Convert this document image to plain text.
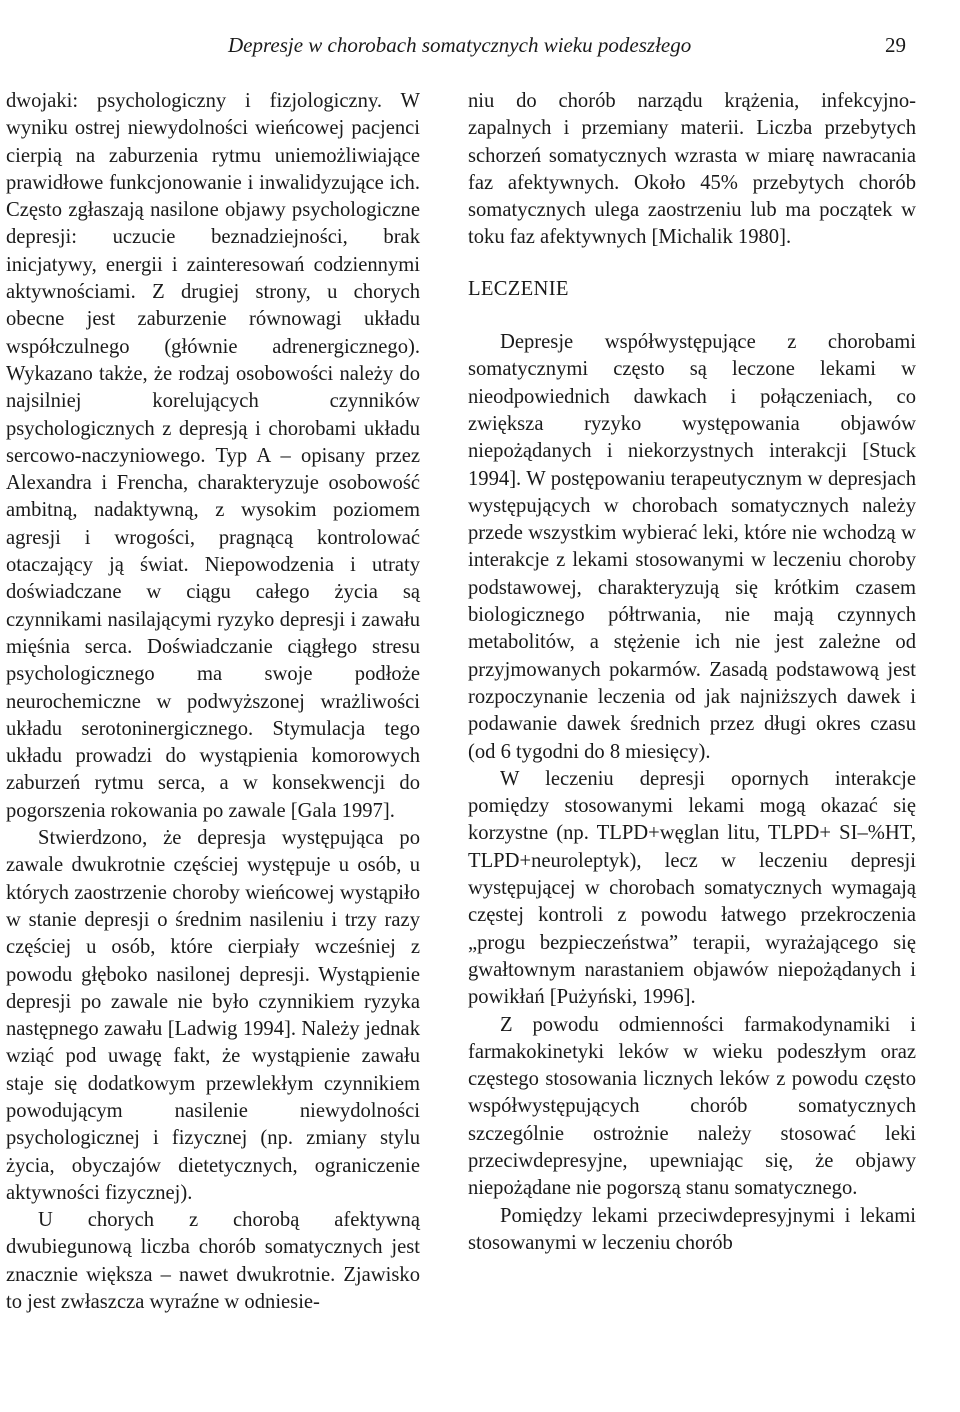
Depresje w chorobach somatycznych wieku podeszłego	29

dwojaki: psychologiczny i fizjologiczny. W wyniku ostrej niewydolności wieńcowej pacjenci cierpią na zaburzenia rytmu uniemożliwiające prawidłowe funkcjonowanie i inwalidyzujące ich. Często zgłaszają nasilone objawy psychologiczne depresji: uczucie beznadziejności, brak inicjatywy, energii i zainteresowań codziennymi aktywnościami. Z drugiej strony, u chorych obecne jest zaburzenie równowagi układu współczulnego (głównie adrenergicznego). Wykazano także, że rodzaj osobowości należy do najsilniej korelujących czynników psychologicznych z depresją i chorobami układu sercowo-naczyniowego. Typ A – opisany przez Alexandra i Frencha, charakteryzuje osobowość ambitną, nadaktywną, z wysokim poziomem agresji i wrogości, pragnącą kontrolować otaczający ją świat. Niepowodzenia i utraty doświadczane w ciągu całego życia są czynnikami nasilającymi ryzyko depresji i zawału mięśnia serca. Doświadczanie ciągłego stresu psychologicznego ma swoje podłoże neurochemiczne w podwyższonej wrażliwości układu serotoninergicznego. Stymulacja tego układu prowadzi do wystąpienia komorowych zaburzeń rytmu serca, a w konsekwencji do pogorszenia rokowania po zawale [Gala 1997].

Stwierdzono, że depresja występująca po zawale dwukrotnie częściej występuje u osób, u których zaostrzenie choroby wieńcowej wystąpiło w stanie depresji o średnim nasileniu i trzy razy częściej u osób, które cierpiały wcześniej z powodu głęboko nasilonej depresji. Wystąpienie depresji po zawale nie było czynnikiem ryzyka następnego zawału [Ladwig 1994]. Należy jednak wziąć pod uwagę fakt, że wystąpienie zawału staje się dodatkowym przewlekłym czynnikiem powodującym nasilenie niewydolności psychologicznej i fizycznej (np. zmiany stylu życia, obyczajów dietetycznych, ograniczenie aktywności fizycznej).

U chorych z chorobą afektywną dwubiegunową liczba chorób somatycznych jest znacznie większa – nawet dwukrotnie. Zjawisko to jest zwłaszcza wyraźne w odniesie-

niu do chorób narządu krążenia, infekcyjno-zapalnych i przemiany materii. Liczba przebytych schorzeń somatycznych wzrasta w miarę nawracania faz afektywnych. Około 45% przebytych chorób somatycznych ulega zaostrzeniu lub ma początek w toku faz afektywnych [Michalik 1980].

LECZENIE

Depresje współwystępujące z chorobami somatycznymi często są leczone lekami w nieodpowiednich dawkach i połączeniach, co zwiększa ryzyko występowania objawów niepożądanych i niekorzystnych interakcji [Stuck 1994]. W postępowaniu terapeutycznym w depresjach występujących w chorobach somatycznych należy przede wszystkim wybierać leki, które nie wchodzą w interakcje z lekami stosowanymi w leczeniu choroby podstawowej, charakteryzują się krótkim czasem biologicznego półtrwania, nie mają czynnych metabolitów, a stężenie ich nie jest zależne od przyjmowanych pokarmów. Zasadą podstawową jest rozpoczynanie leczenia od jak najniższych dawek i podawanie dawek średnich przez długi okres czasu (od 6 tygodni do 8 miesięcy).

W leczeniu depresji opornych interakcje pomiędzy stosowanymi lekami mogą okazać się korzystne (np. TLPD+węglan litu, TLPD+ SI–%HT, TLPD+neuroleptyk), lecz w leczeniu depresji występującej w chorobach somatycznych wymagają częstej kontroli z powodu łatwego przekroczenia „progu bezpieczeństwa” terapii, wyrażającego się gwałtownym narastaniem objawów niepożądanych i powikłań [Pużyński, 1996].

Z powodu odmienności farmakodynamiki i farmakokinetyki leków w wieku podeszłym oraz częstego stosowania licznych leków z powodu często współwystępujących chorób somatycznych szczególnie ostrożnie należy stosować leki przeciwdepresyjne, upewniając się, że objawy niepożądane nie pogorszą stanu somatycznego.

Pomiędzy lekami przeciwdepresyjnymi i lekami stosowanymi w leczeniu chorób
